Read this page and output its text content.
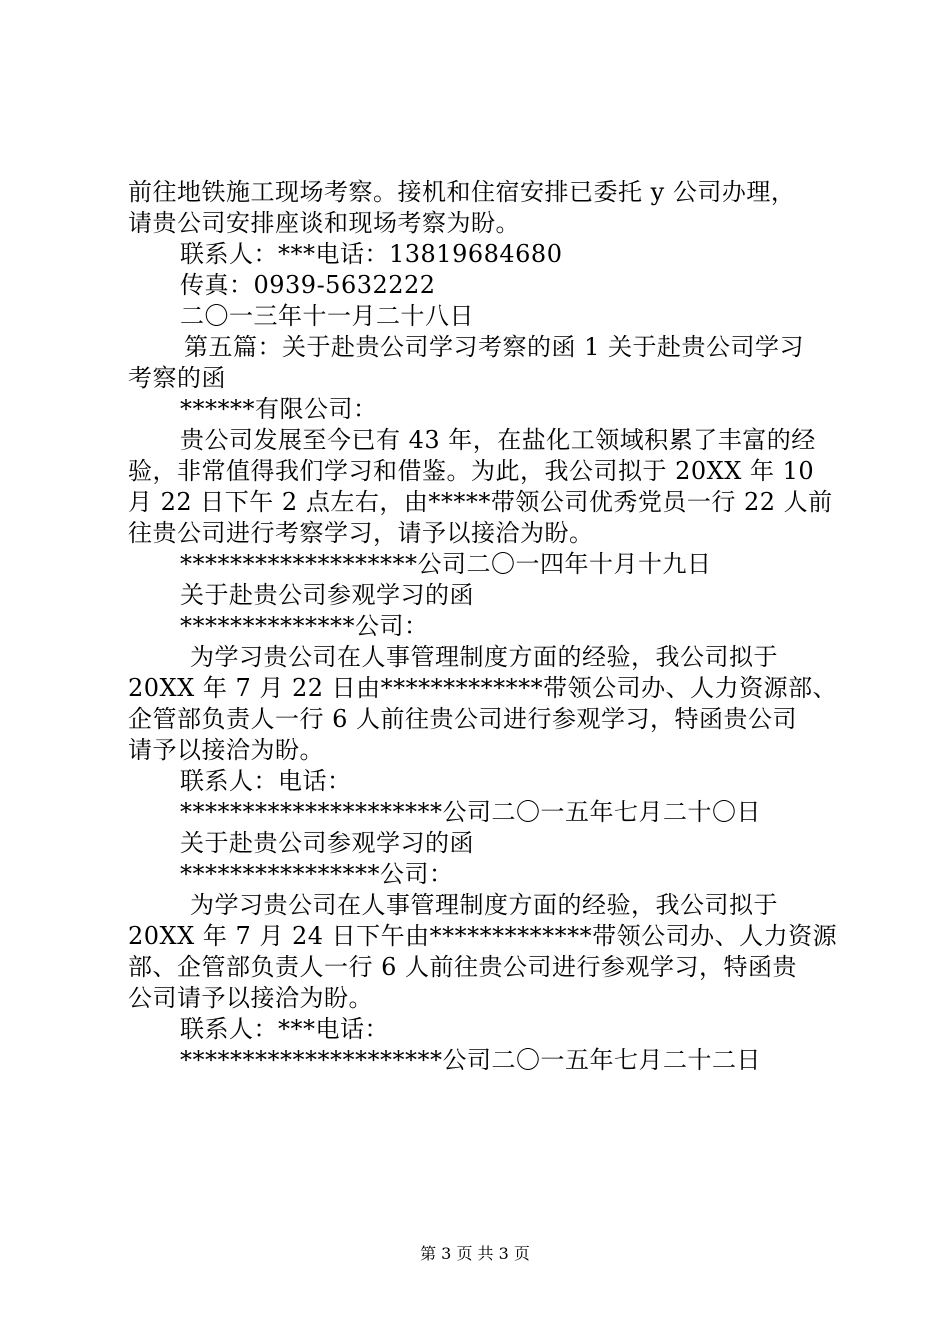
前往地铁施工现场考察。接机和住宿安排已委托 y 公司办理，
请贵公司安排座谈和现场考察为盼。
联系人：***电话：13819684680
传真：0939-5632222
二〇一三年十一月二十八日
第五篇：关于赴贵公司学习考察的函 1 关于赴贵公司学习
考察的函
******有限公司：
贵公司发展至今已有 43 年，在盐化工领域积累了丰富的经
验，非常值得我们学习和借鉴。为此，我公司拟于 20XX 年 10
月 22 日下午 2 点左右，由*****带领公司优秀党员一行 22 人前
往贵公司进行考察学习，请予以接洽为盼。
*******************公司二〇一四年十月十九日
关于赴贵公司参观学习的函
**************公司：
为学习贵公司在人事管理制度方面的经验，我公司拟于
20XX 年 7 月 22 日由*************带领公司办、人力资源部、
企管部负责人一行 6 人前往贵公司进行参观学习，特函贵公司
请予以接洽为盼。
联系人：电话：
*********************公司二〇一五年七月二十〇日
关于赴贵公司参观学习的函
****************公司：
为学习贵公司在人事管理制度方面的经验，我公司拟于
20XX 年 7 月 24 日下午由*************带领公司办、人力资源
部、企管部负责人一行 6 人前往贵公司进行参观学习，特函贵
公司请予以接洽为盼。
联系人：***电话：
*********************公司二〇一五年七月二十二日
第 3 页 共 3 页
